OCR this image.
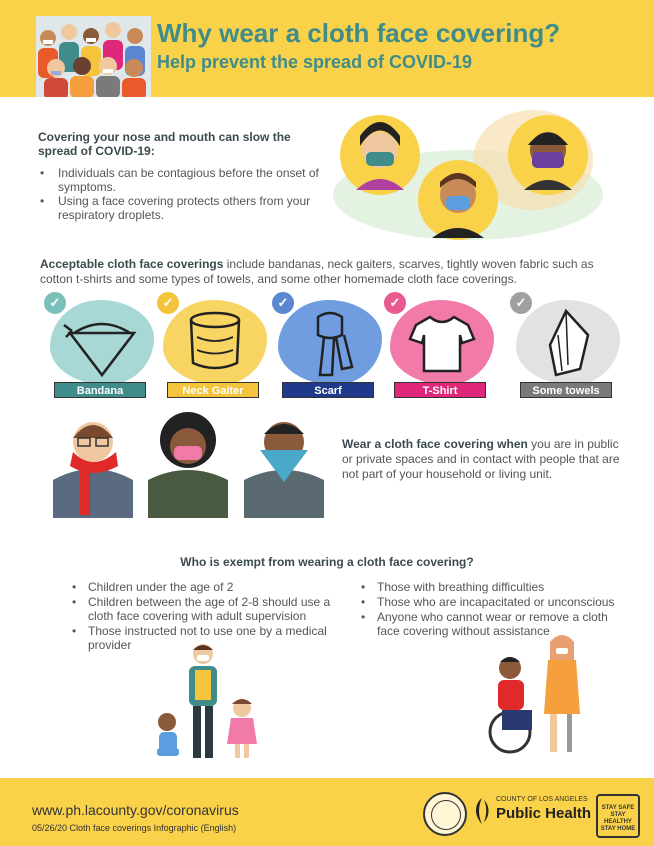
Why wear a cloth face covering?
Help prevent the spread of COVID-19
Covering your nose and mouth can slow the spread of COVID-19:
• Individuals can be contagious before the onset of symptoms.
• Using a face covering protects others from your respiratory droplets.
Acceptable cloth face coverings include bandanas, neck gaiters, scarves, tightly woven fabric such as cotton t-shirts and some types of towels, and some other homemade cloth face coverings.
✓
Bandana
✓
Neck Gaiter
✓
Scarf
✓
T-Shirt
✓
Some towels
Wear a cloth face covering when you are in public or private spaces and in contact with people that are not part of your household or living unit.
Who is exempt from wearing a cloth face covering?
• Children under the age of 2
• Children between the age of 2-8 should use a cloth face covering with adult supervision
• Those instructed not to use one by a medical provider
• Those with breathing difficulties
• Those who are incapacitated or unconscious
• Anyone who cannot wear or remove a cloth face covering without assistance
www.ph.lacounty.gov/coronavirus
05/26/20 Cloth face coverings Infographic (English)
COUNTY OF LOS ANGELES
Public Health	STAY SAFE
STAY HEALTHY
STAY HOME
